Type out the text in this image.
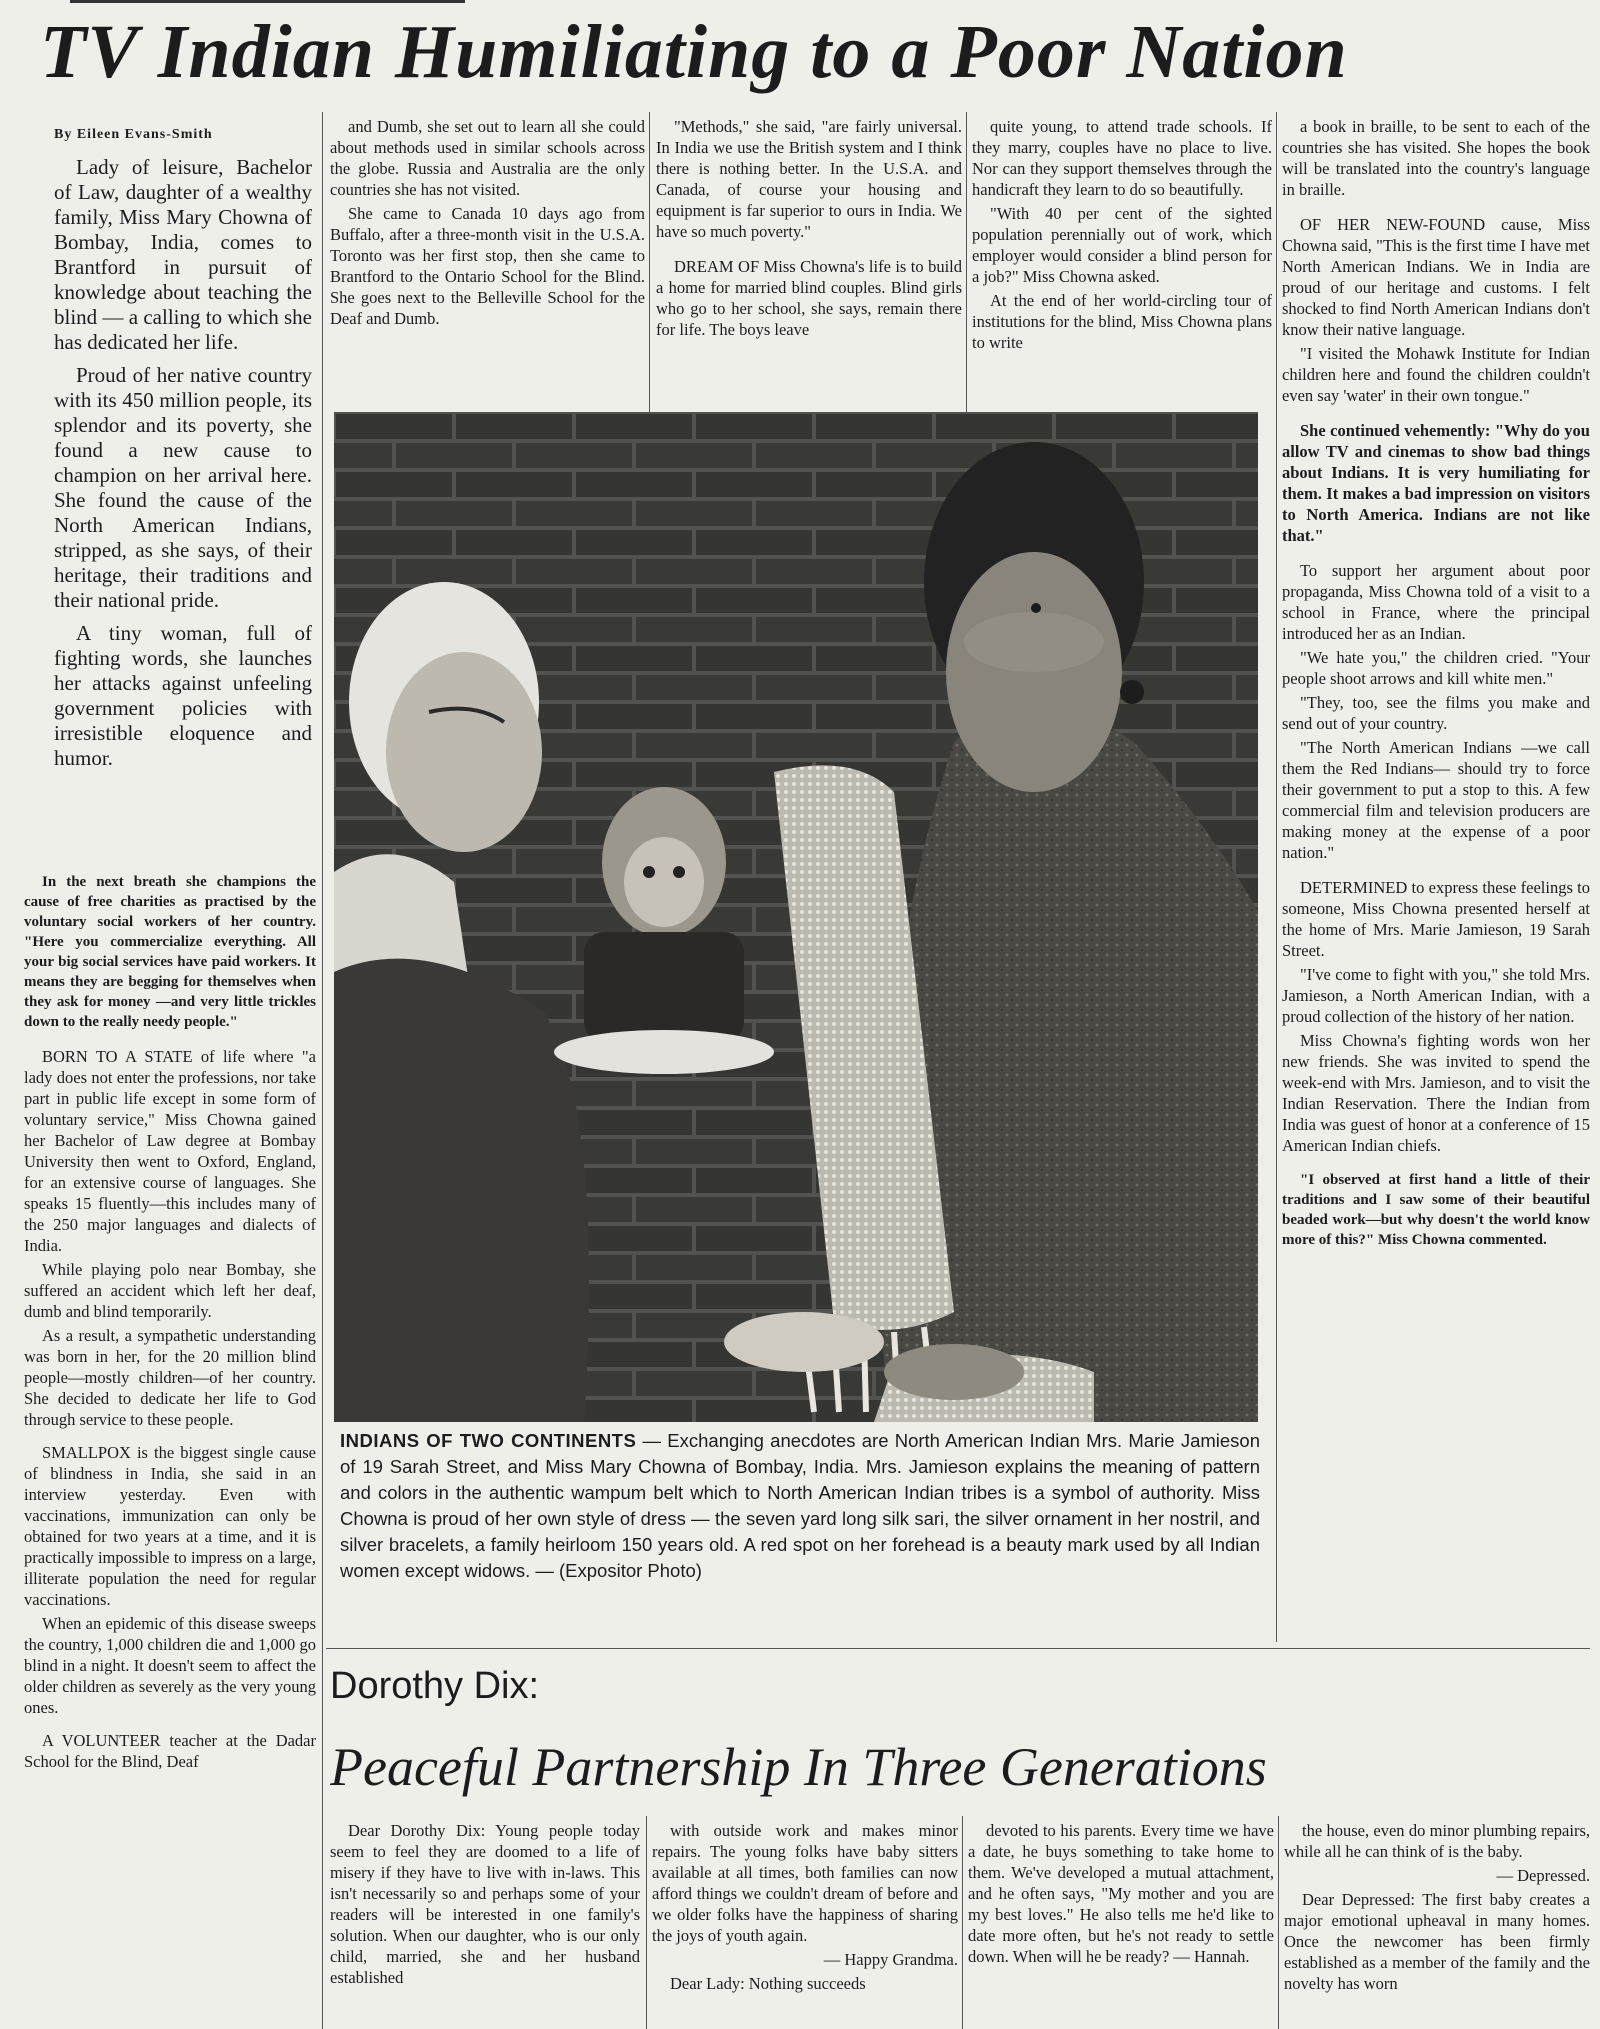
TV Indian Humiliating to a Poor Nation

By Eileen Evans-Smith

Lady of leisure, Bachelor of Law, daughter of a wealthy family, Miss Mary Chowna of Bombay, India, comes to Brantford in pursuit of knowledge about teaching the blind — a calling to which she has dedicated her life.

Proud of her native country with its 450 million people, its splendor and its poverty, she found a new cause to champion on her arrival here. She found the cause of the North American Indians, stripped, as she says, of their heritage, their traditions and their national pride.

A tiny woman, full of fighting words, she launches her attacks against unfeeling government policies with irresistible eloquence and humor.

In the next breath she champions the cause of free charities as practised by the voluntary social workers of her country. "Here you commercialize everything. All your big social services have paid workers. It means they are begging for themselves when they ask for money —and very little trickles down to the really needy people."

BORN TO A STATE of life where "a lady does not enter the professions, nor take part in public life except in some form of voluntary service," Miss Chowna gained her Bachelor of Law degree at Bombay University then went to Oxford, England, for an extensive course of languages. She speaks 15 fluently—this includes many of the 250 major languages and dialects of India.

While playing polo near Bombay, she suffered an accident which left her deaf, dumb and blind temporarily.

As a result, a sympathetic understanding was born in her, for the 20 million blind people—mostly children—of her country. She decided to dedicate her life to God through service to these people.

SMALLPOX is the biggest single cause of blindness in India, she said in an interview yesterday. Even with vaccinations, immunization can only be obtained for two years at a time, and it is practically impossible to impress on a large, illiterate population the need for regular vaccinations.

When an epidemic of this disease sweeps the country, 1,000 children die and 1,000 go blind in a night. It doesn't seem to affect the older children as severely as the very young ones.

A VOLUNTEER teacher at the Dadar School for the Blind, Deaf

and Dumb, she set out to learn all she could about methods used in similar schools across the globe. Russia and Australia are the only countries she has not visited.

She came to Canada 10 days ago from Buffalo, after a three-month visit in the U.S.A. Toronto was her first stop, then she came to Brantford to the Ontario School for the Blind. She goes next to the Belleville School for the Deaf and Dumb.

"Methods," she said, "are fairly universal. In India we use the British system and I think there is nothing better. In the U.S.A. and Canada, of course your housing and equipment is far superior to ours in India. We have so much poverty."

DREAM OF Miss Chowna's life is to build a home for married blind couples. Blind girls who go to her school, she says, remain there for life. The boys leave

quite young, to attend trade schools. If they marry, couples have no place to live. Nor can they support themselves through the handicraft they learn to do so beautifully.

"With 40 per cent of the sighted population perennially out of work, which employer would consider a blind person for a job?" Miss Chowna asked.

At the end of her world-circling tour of institutions for the blind, Miss Chowna plans to write

a book in braille, to be sent to each of the countries she has visited. She hopes the book will be translated into the country's language in braille.

OF HER NEW-FOUND cause, Miss Chowna said, "This is the first time I have met North American Indians. We in India are proud of our heritage and customs. I felt shocked to find North American Indians don't know their native language.

"I visited the Mohawk Institute for Indian children here and found the children couldn't even say 'water' in their own tongue."

She continued vehemently: "Why do you allow TV and cinemas to show bad things about Indians. It is very humiliating for them. It makes a bad impression on visitors to North America. Indians are not like that."

To support her argument about poor propaganda, Miss Chowna told of a visit to a school in France, where the principal introduced her as an Indian.

"We hate you," the children cried. "Your people shoot arrows and kill white men."

"They, too, see the films you make and send out of your country.

"The North American Indians —we call them the Red Indians— should try to force their government to put a stop to this. A few commercial film and television producers are making money at the expense of a poor nation."

DETERMINED to express these feelings to someone, Miss Chowna presented herself at the home of Mrs. Marie Jamieson, 19 Sarah Street.

"I've come to fight with you," she told Mrs. Jamieson, a North American Indian, with a proud collection of the history of her nation.

Miss Chowna's fighting words won her new friends. She was invited to spend the week-end with Mrs. Jamieson, and to visit the Indian Reservation. There the Indian from India was guest of honor at a conference of 15 American Indian chiefs.

"I observed at first hand a little of their traditions and I saw some of their beautiful beaded work—but why doesn't the world know more of this?" Miss Chowna commented.

INDIANS OF TWO CONTINENTS — Exchanging anecdotes are North American Indian Mrs. Marie Jamieson of 19 Sarah Street, and Miss Mary Chowna of Bombay, India. Mrs. Jamieson explains the meaning of pattern and colors in the authentic wampum belt which to North American Indian tribes is a symbol of authority. Miss Chowna is proud of her own style of dress — the seven yard long silk sari, the silver ornament in her nostril, and silver bracelets, a family heirloom 150 years old. A red spot on her forehead is a beauty mark used by all Indian women except widows. — (Expositor Photo)

Dorothy Dix:
Peaceful Partnership In Three Generations

Dear Dorothy Dix: Young people today seem to feel they are doomed to a life of misery if they have to live with in-laws. This isn't necessarily so and perhaps some of your readers will be interested in one family's solution. When our daughter, who is our only child, married, she and her husband established

with outside work and makes minor repairs. The young folks have baby sitters available at all times, both families can now afford things we couldn't dream of before and we older folks have the happiness of sharing the joys of youth again.

— Happy Grandma.

Dear Lady: Nothing succeeds

devoted to his parents. Every time we have a date, he buys something to take home to them. We've developed a mutual attachment, and he often says, "My mother and you are my best loves." He also tells me he'd like to date more often, but he's not ready to settle down. When will he be ready? — Hannah.

the house, even do minor plumbing repairs, while all he can think of is the baby.

— Depressed.

Dear Depressed: The first baby creates a major emotional upheaval in many homes. Once the newcomer has been firmly established as a member of the family and the novelty has worn
